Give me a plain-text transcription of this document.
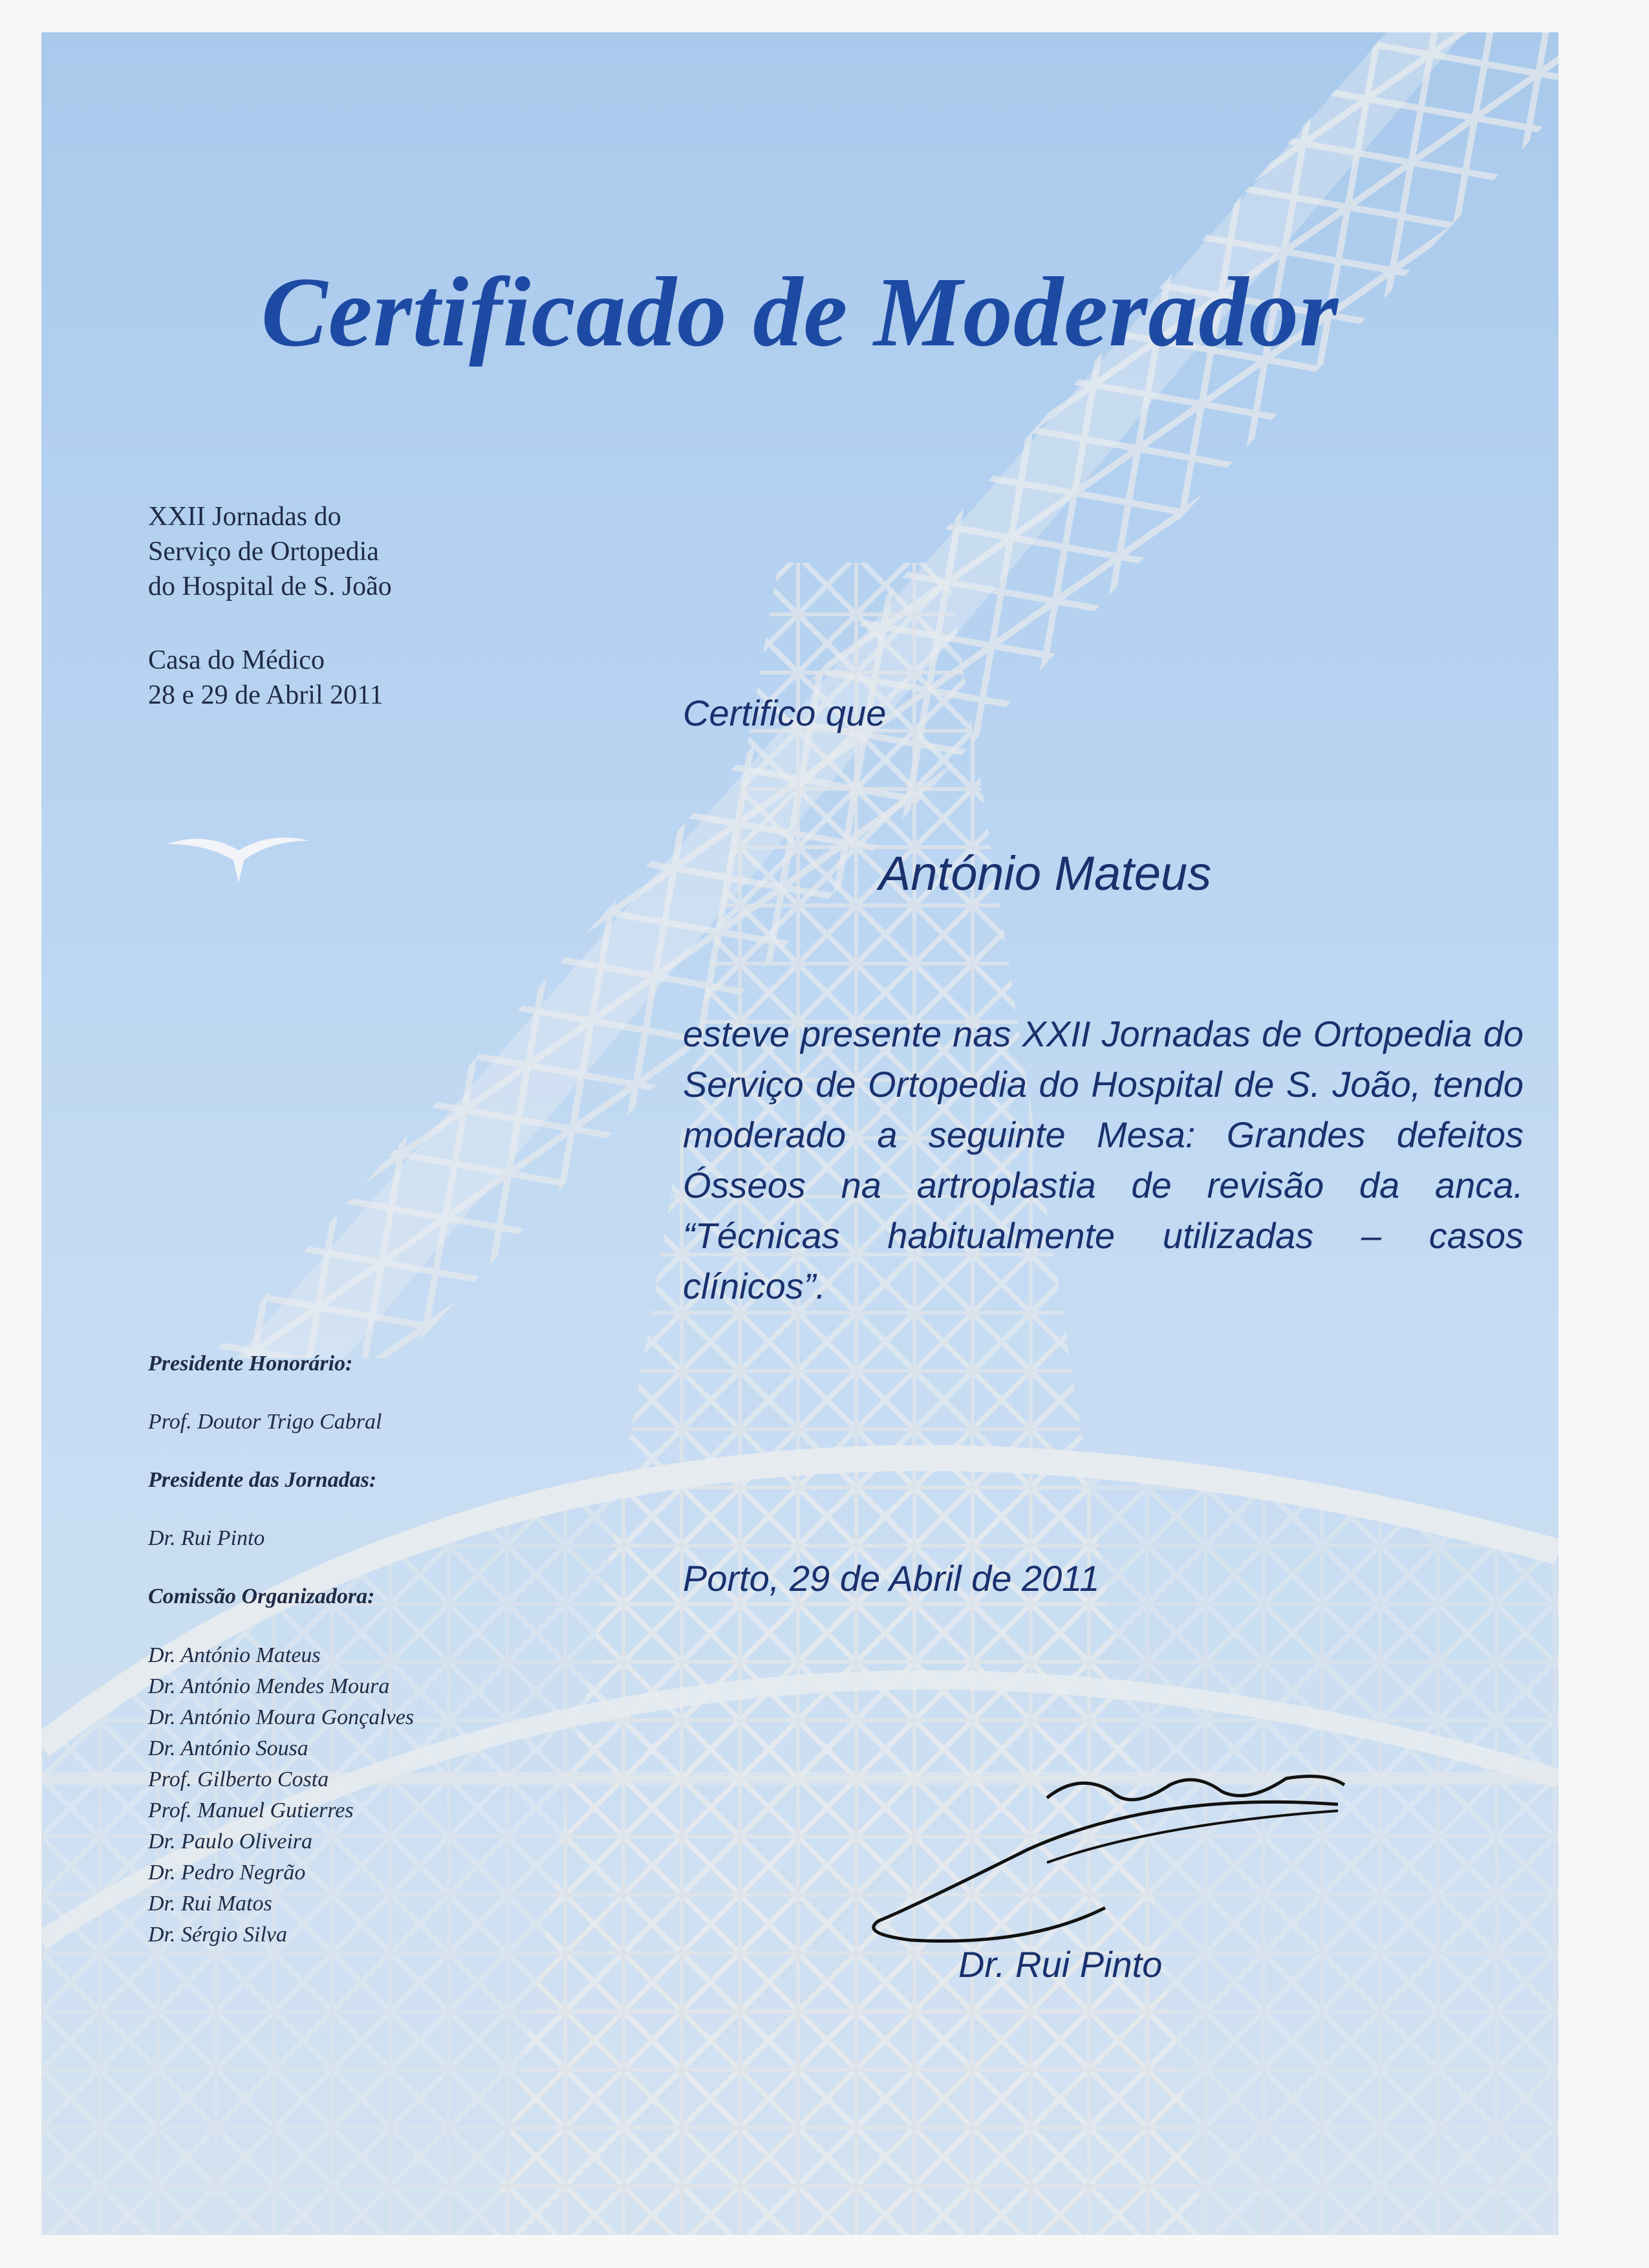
Certificado de Moderador
XXII Jornadas do
Serviço de Ortopedia
do Hospital de S. João
Casa do Médico
28 e 29 de Abril 2011	Certifico que
António Mateus
esteve presente nas XXII Jornadas de Ortopedia do Serviço de Ortopedia do Hospital de S. João, tendo moderado a seguinte Mesa: Grandes defeitos Ósseos na artroplastia de revisão da anca. “Técnicas habitualmente utilizadas – casos clínicos”.
Porto, 29 de Abril de 2011
Dr. Rui Pinto
Presidente Honorário:
Prof. Doutor Trigo Cabral
Presidente das Jornadas:
Dr. Rui Pinto
Comissão Organizadora:
Dr. António Mateus
Dr. António Mendes Moura
Dr. António Moura Gonçalves
Dr. António Sousa
Prof. Gilberto Costa
Prof. Manuel Gutierres
Dr. Paulo Oliveira
Dr. Pedro Negrão
Dr. Rui Matos
Dr. Sérgio Silva
